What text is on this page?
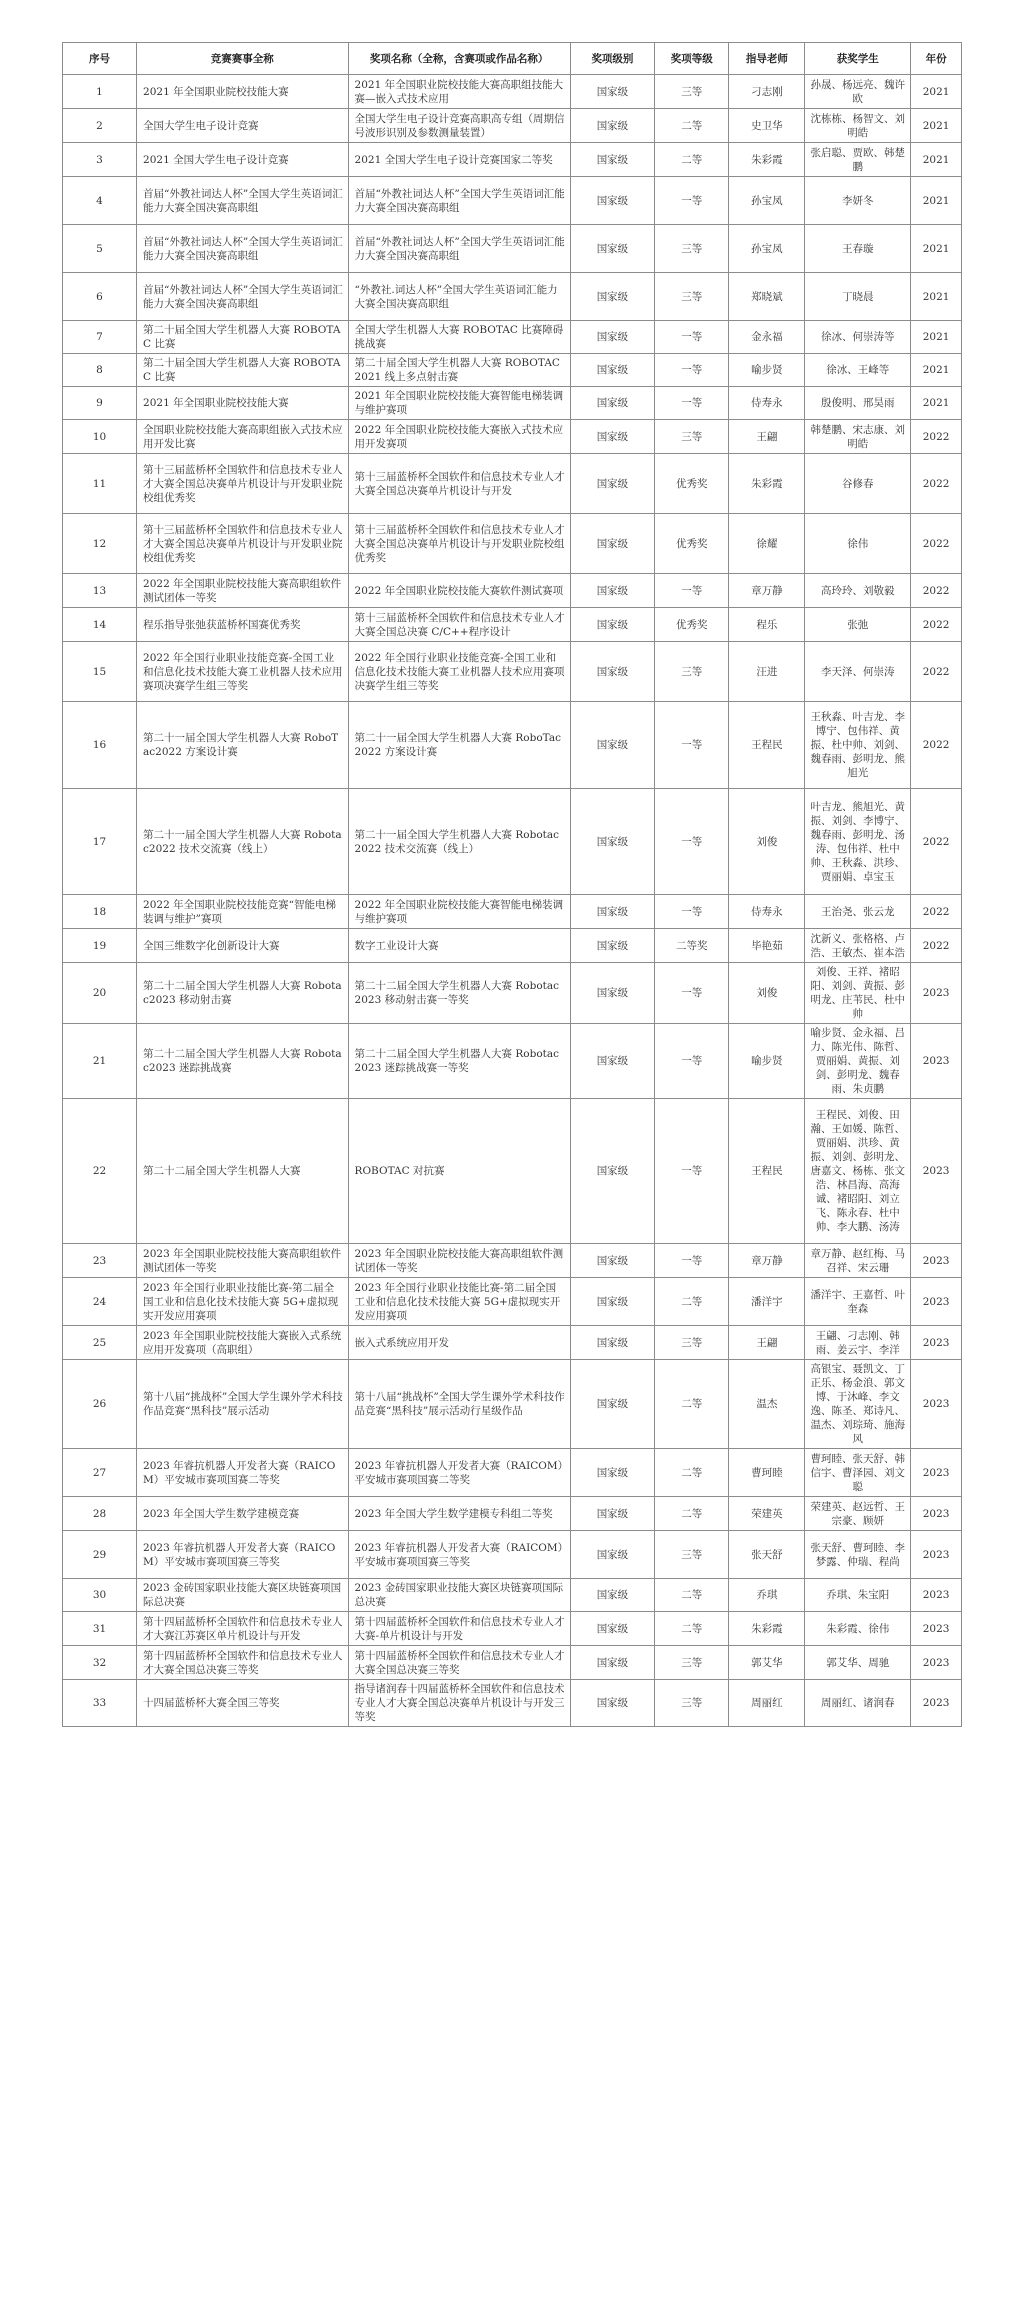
序号	竞赛赛事全称	奖项名称（全称，含赛项或作品名称）	奖项级别	奖项等级	指导老师	获奖学生	年份
1	2021 年全国职业院校技能大赛	2021 年全国职业院校技能大赛高职组技能大赛—嵌入式技术应用	国家级	三等	刁志刚	孙晟、杨远亮、魏许欧	2021
2	全国大学生电子设计竞赛	全国大学生电子设计竞赛高职高专组（周期信号波形识别及参数测量装置）	国家级	二等	史卫华	沈栋栋、杨智文、刘明皓	2021
3	2021 全国大学生电子设计竞赛	2021 全国大学生电子设计竞赛国家二等奖	国家级	二等	朱彩霞	张启聪、贾欧、韩楚鹏	2021
4	首届“外教社词达人杯”全国大学生英语词汇能力大赛全国决赛高职组	首届“外教社词达人杯”全国大学生英语词汇能力大赛全国决赛高职组	国家级	一等	孙宝凤	李妍冬	2021
5	首届“外教社词达人杯”全国大学生英语词汇能力大赛全国决赛高职组	首届“外教社词达人杯”全国大学生英语词汇能力大赛全国决赛高职组	国家级	三等	孙宝凤	王春璇	2021
6	首届“外教社词达人杯”全国大学生英语词汇能力大赛全国决赛高职组	“外教社.词达人杯”全国大学生英语词汇能力大赛全国决赛高职组	国家级	三等	郑晓斌	丁晓晨	2021
7	第二十届全国大学生机器人大赛 ROBOTAC 比赛	全国大学生机器人大赛 ROBOTAC 比赛障碍挑战赛	国家级	一等	金永福	徐冰、何崇涛等	2021
8	第二十届全国大学生机器人大赛 ROBOTAC 比赛	第二十届全国大学生机器人大赛 ROBOTAC2021 线上多点射击赛	国家级	一等	喻步贤	徐冰、王峰等	2021
9	2021 年全国职业院校技能大赛	2021 年全国职业院校技能大赛智能电梯装调与维护赛项	国家级	一等	侍寿永	殷俊明、邢昊雨	2021
10	全国职业院校技能大赛高职组嵌入式技术应用开发比赛	2022 年全国职业院校技能大赛嵌入式技术应用开发赛项	国家级	三等	王翩	韩楚鹏、宋志康、刘明皓	2022
11	第十三届蓝桥杯全国软件和信息技术专业人才大赛全国总决赛单片机设计与开发职业院校组优秀奖	第十三届蓝桥杯全国软件和信息技术专业人才大赛全国总决赛单片机设计与开发	国家级	优秀奖	朱彩霞	谷修春	2022
12	第十三届蓝桥杯全国软件和信息技术专业人才大赛全国总决赛单片机设计与开发职业院校组优秀奖	第十三届蓝桥杯全国软件和信息技术专业人才大赛全国总决赛单片机设计与开发职业院校组优秀奖	国家级	优秀奖	徐耀	徐伟	2022
13	2022 年全国职业院校技能大赛高职组软件测试团体一等奖	2022 年全国职业院校技能大赛软件测试赛项	国家级	一等	章万静	高玲玲、刘敬毅	2022
14	程乐指导张弛获蓝桥杯国赛优秀奖	第十三届蓝桥杯全国软件和信息技术专业人才大赛全国总决赛 C/C++程序设计	国家级	优秀奖	程乐	张弛	2022
15	2022 年全国行业职业技能竞赛-全国工业和信息化技术技能大赛工业机器人技术应用赛项决赛学生组三等奖	2022 年全国行业职业技能竞赛-全国工业和信息化技术技能大赛工业机器人技术应用赛项决赛学生组三等奖	国家级	三等	汪进	李天泽、何崇涛	2022
16	第二十一届全国大学生机器人大赛 RoboTac2022 方案设计赛	第二十一届全国大学生机器人大赛 RoboTac2022 方案设计赛	国家级	一等	王程民	王秋淼、叶吉龙、李博宁、包伟祥、黄振、杜中帅、刘剑、魏春雨、彭明龙、熊旭光	2022
17	第二十一届全国大学生机器人大赛 Robotac2022 技术交流赛（线上）	第二十一届全国大学生机器人大赛 Robotac2022 技术交流赛（线上）	国家级	一等	刘俊	叶吉龙、熊旭光、黄振、刘剑、李博宁、魏春雨、彭明龙、汤涛、包伟祥、杜中帅、王秋淼、洪珍、贾丽娟、卓宝玉	2022
18	2022 年全国职业院校技能竞赛“智能电梯装调与维护”赛项	2022 年全国职业院校技能大赛智能电梯装调与维护赛项	国家级	一等	侍寿永	王治尧、张云龙	2022
19	全国三维数字化创新设计大赛	数字工业设计大赛	国家级	二等奖	毕艳茹	沈新义、张格格、卢浩、王敏杰、崔本浩	2022
20	第二十二届全国大学生机器人大赛 Robotac2023 移动射击赛	第二十二届全国大学生机器人大赛 Robotac2023 移动射击赛一等奖	国家级	一等	刘俊	刘俊、王祥、褚昭阳、刘剑、黄振、彭明龙、庄苇民、杜中帅	2023
21	第二十二届全国大学生机器人大赛 Robotac2023 迷踪挑战赛	第二十二届全国大学生机器人大赛 Robotac2023 迷踪挑战赛一等奖	国家级	一等	喻步贤	喻步贤、金永福、吕力、陈光伟、陈哲、贾丽娟、黄振、刘剑、彭明龙、魏春雨、朱贞鹏	2023
22	第二十二届全国大学生机器人大赛	ROBOTAC 对抗赛	国家级	一等	王程民	王程民、刘俊、田瀚、王如媛、陈哲、贾丽娟、洪珍、黄振、刘剑、彭明龙、唐嘉文、杨栋、张文浩、林昌海、高海诚、褚昭阳、刘立飞、陈永春、杜中帅、李大鹏、汤涛	2023
23	2023 年全国职业院校技能大赛高职组软件测试团体一等奖	2023 年全国职业院校技能大赛高职组软件测试团体一等奖	国家级	一等	章万静	章万静、赵红梅、马召祥、宋云珊	2023
24	2023 年全国行业职业技能比赛-第二届全国工业和信息化技术技能大赛 5G+虚拟现实开发应用赛项	2023 年全国行业职业技能比赛-第二届全国工业和信息化技术技能大赛 5G+虚拟现实开发应用赛项	国家级	二等	潘洋宇	潘洋宇、王嘉哲、叶奎森	2023
25	2023 年全国职业院校技能大赛嵌入式系统应用开发赛项（高职组）	嵌入式系统应用开发	国家级	三等	王翩	王翩、刁志刚、韩雨、姜云宇、李洋	2023
26	第十八届“挑战杯”全国大学生课外学术科技作品竞赛“黑科技”展示活动	第十八届“挑战杯”全国大学生课外学术科技作品竞赛“黑科技”展示活动行星级作品	国家级	二等	温杰	高银宝、聂凯文、丁正乐、杨金浪、郭文博、于沐峰、李文逸、陈圣、郑诗凡、温杰、刘琮琦、施海风	2023
27	2023 年睿抗机器人开发者大赛（RAICOM）平安城市赛项国赛二等奖	2023 年睿抗机器人开发者大赛（RAICOM）平安城市赛项国赛二等奖	国家级	二等	曹珂睦	曹珂睦、张天舒、韩信宇、曹泽园、刘文聪	2023
28	2023 年全国大学生数学建模竞赛	2023 年全国大学生数学建模专科组二等奖	国家级	二等	荣建英	荣建英、赵远哲、王宗豪、顾妍	2023
29	2023 年睿抗机器人开发者大赛（RAICOM）平安城市赛项国赛三等奖	2023 年睿抗机器人开发者大赛（RAICOM）平安城市赛项国赛三等奖	国家级	三等	张天舒	张天舒、曹珂睦、李梦露、仲瑞、程尚	2023
30	2023 金砖国家职业技能大赛区块链赛项国际总决赛	2023 金砖国家职业技能大赛区块链赛项国际总决赛	国家级	二等	乔琪	乔琪、朱宝阳	2023
31	第十四届蓝桥杯全国软件和信息技术专业人才大赛江苏赛区单片机设计与开发	第十四届蓝桥杯全国软件和信息技术专业人才大赛-单片机设计与开发	国家级	二等	朱彩霞	朱彩霞、徐伟	2023
32	第十四届蓝桥杯全国软件和信息技术专业人才大赛全国总决赛三等奖	第十四届蓝桥杯全国软件和信息技术专业人才大赛全国总决赛三等奖	国家级	三等	郭艾华	郭艾华、周驰	2023
33	十四届蓝桥杯大赛全国三等奖	指导诸润春十四届蓝桥杯全国软件和信息技术专业人才大赛全国总决赛单片机设计与开发三等奖	国家级	三等	周丽红	周丽红、诸润春	2023
